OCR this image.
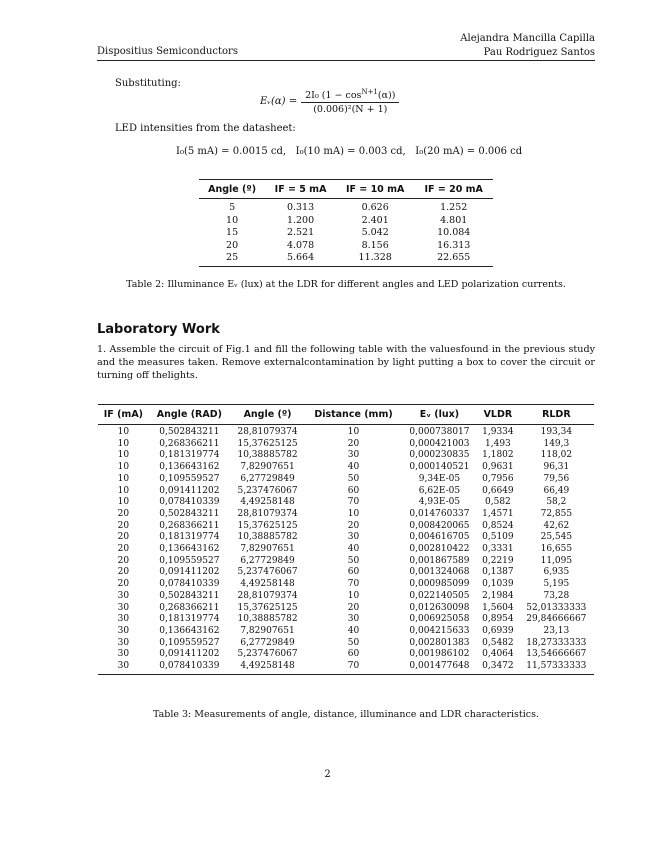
Dispositius Semiconductors
Alejandra Mancilla Capilla
Pau Rodriguez Santos
Substituting:
Eᵥ(α) = $\frac{2I_0 (1 - \cos^{N+1}(\alpha))}{\text{(0.006)²(N + 1)}}$
LED intensities from the datasheet:
I₀(5 mA) = 0.0015 cd,   I₀(10 mA) = 0.003 cd,   I₀(20 mA) = 0.006 cd
Angle (º)	IF = 5 mA	IF = 10 mA	IF = 20 mA
5	0.313	0.626	1.252
10	1.200	2.401	4.801
15	2.521	5.042	10.084
20	4.078	8.156	16.313
25	5.664	11.328	22.655
Table 2: Illuminance Eᵥ (lux) at the LDR for different angles and LED polarization currents.
Laboratory Work
1. Assemble the circuit of Fig.1 and fill the following table with the valuesfound in the previous study and the measures taken. Remove externalcontamination by light putting a box to cover the circuit or turning off thelights.
IF (mA)	Angle (RAD)	Angle (º)	Distance (mm)	Eᵥ (lux)	VLDR	RLDR
10	0,502843211	28,81079374	10	0,000738017	1,9334	193,34
10	0,268366211	15,37625125	20	0,000421003	1,493	149,3
10	0,181319774	10,38885782	30	0,000230835	1,1802	118,02
10	0,136643162	7,82907651	40	0,000140521	0,9631	96,31
10	0,109559527	6,27729849	50	9,34E-05	0,7956	79,56
10	0,091411202	5,237476067	60	6,62E-05	0,6649	66,49
10	0,078410339	4,49258148	70	4,93E-05	0,582	58,2
20	0,502843211	28,81079374	10	0,014760337	1,4571	72,855
20	0,268366211	15,37625125	20	0,008420065	0,8524	42,62
20	0,181319774	10,38885782	30	0,004616705	0,5109	25,545
20	0,136643162	7,82907651	40	0,002810422	0,3331	16,655
20	0,109559527	6,27729849	50	0,001867589	0,2219	11,095
20	0,091411202	5,237476067	60	0,001324068	0,1387	6,935
20	0,078410339	4,49258148	70	0,000985099	0,1039	5,195
30	0,502843211	28,81079374	10	0,022140505	2,1984	73,28
30	0,268366211	15,37625125	20	0,012630098	1,5604	52,01333333
30	0,181319774	10,38885782	30	0,006925058	0,8954	29,84666667
30	0,136643162	7,82907651	40	0,004215633	0,6939	23,13
30	0,109559527	6,27729849	50	0,002801383	0,5482	18,27333333
30	0,091411202	5,237476067	60	0,001986102	0,4064	13,54666667
30	0,078410339	4,49258148	70	0,001477648	0,3472	11,57333333
Table 3: Measurements of angle, distance, illuminance and LDR characteristics.
2
